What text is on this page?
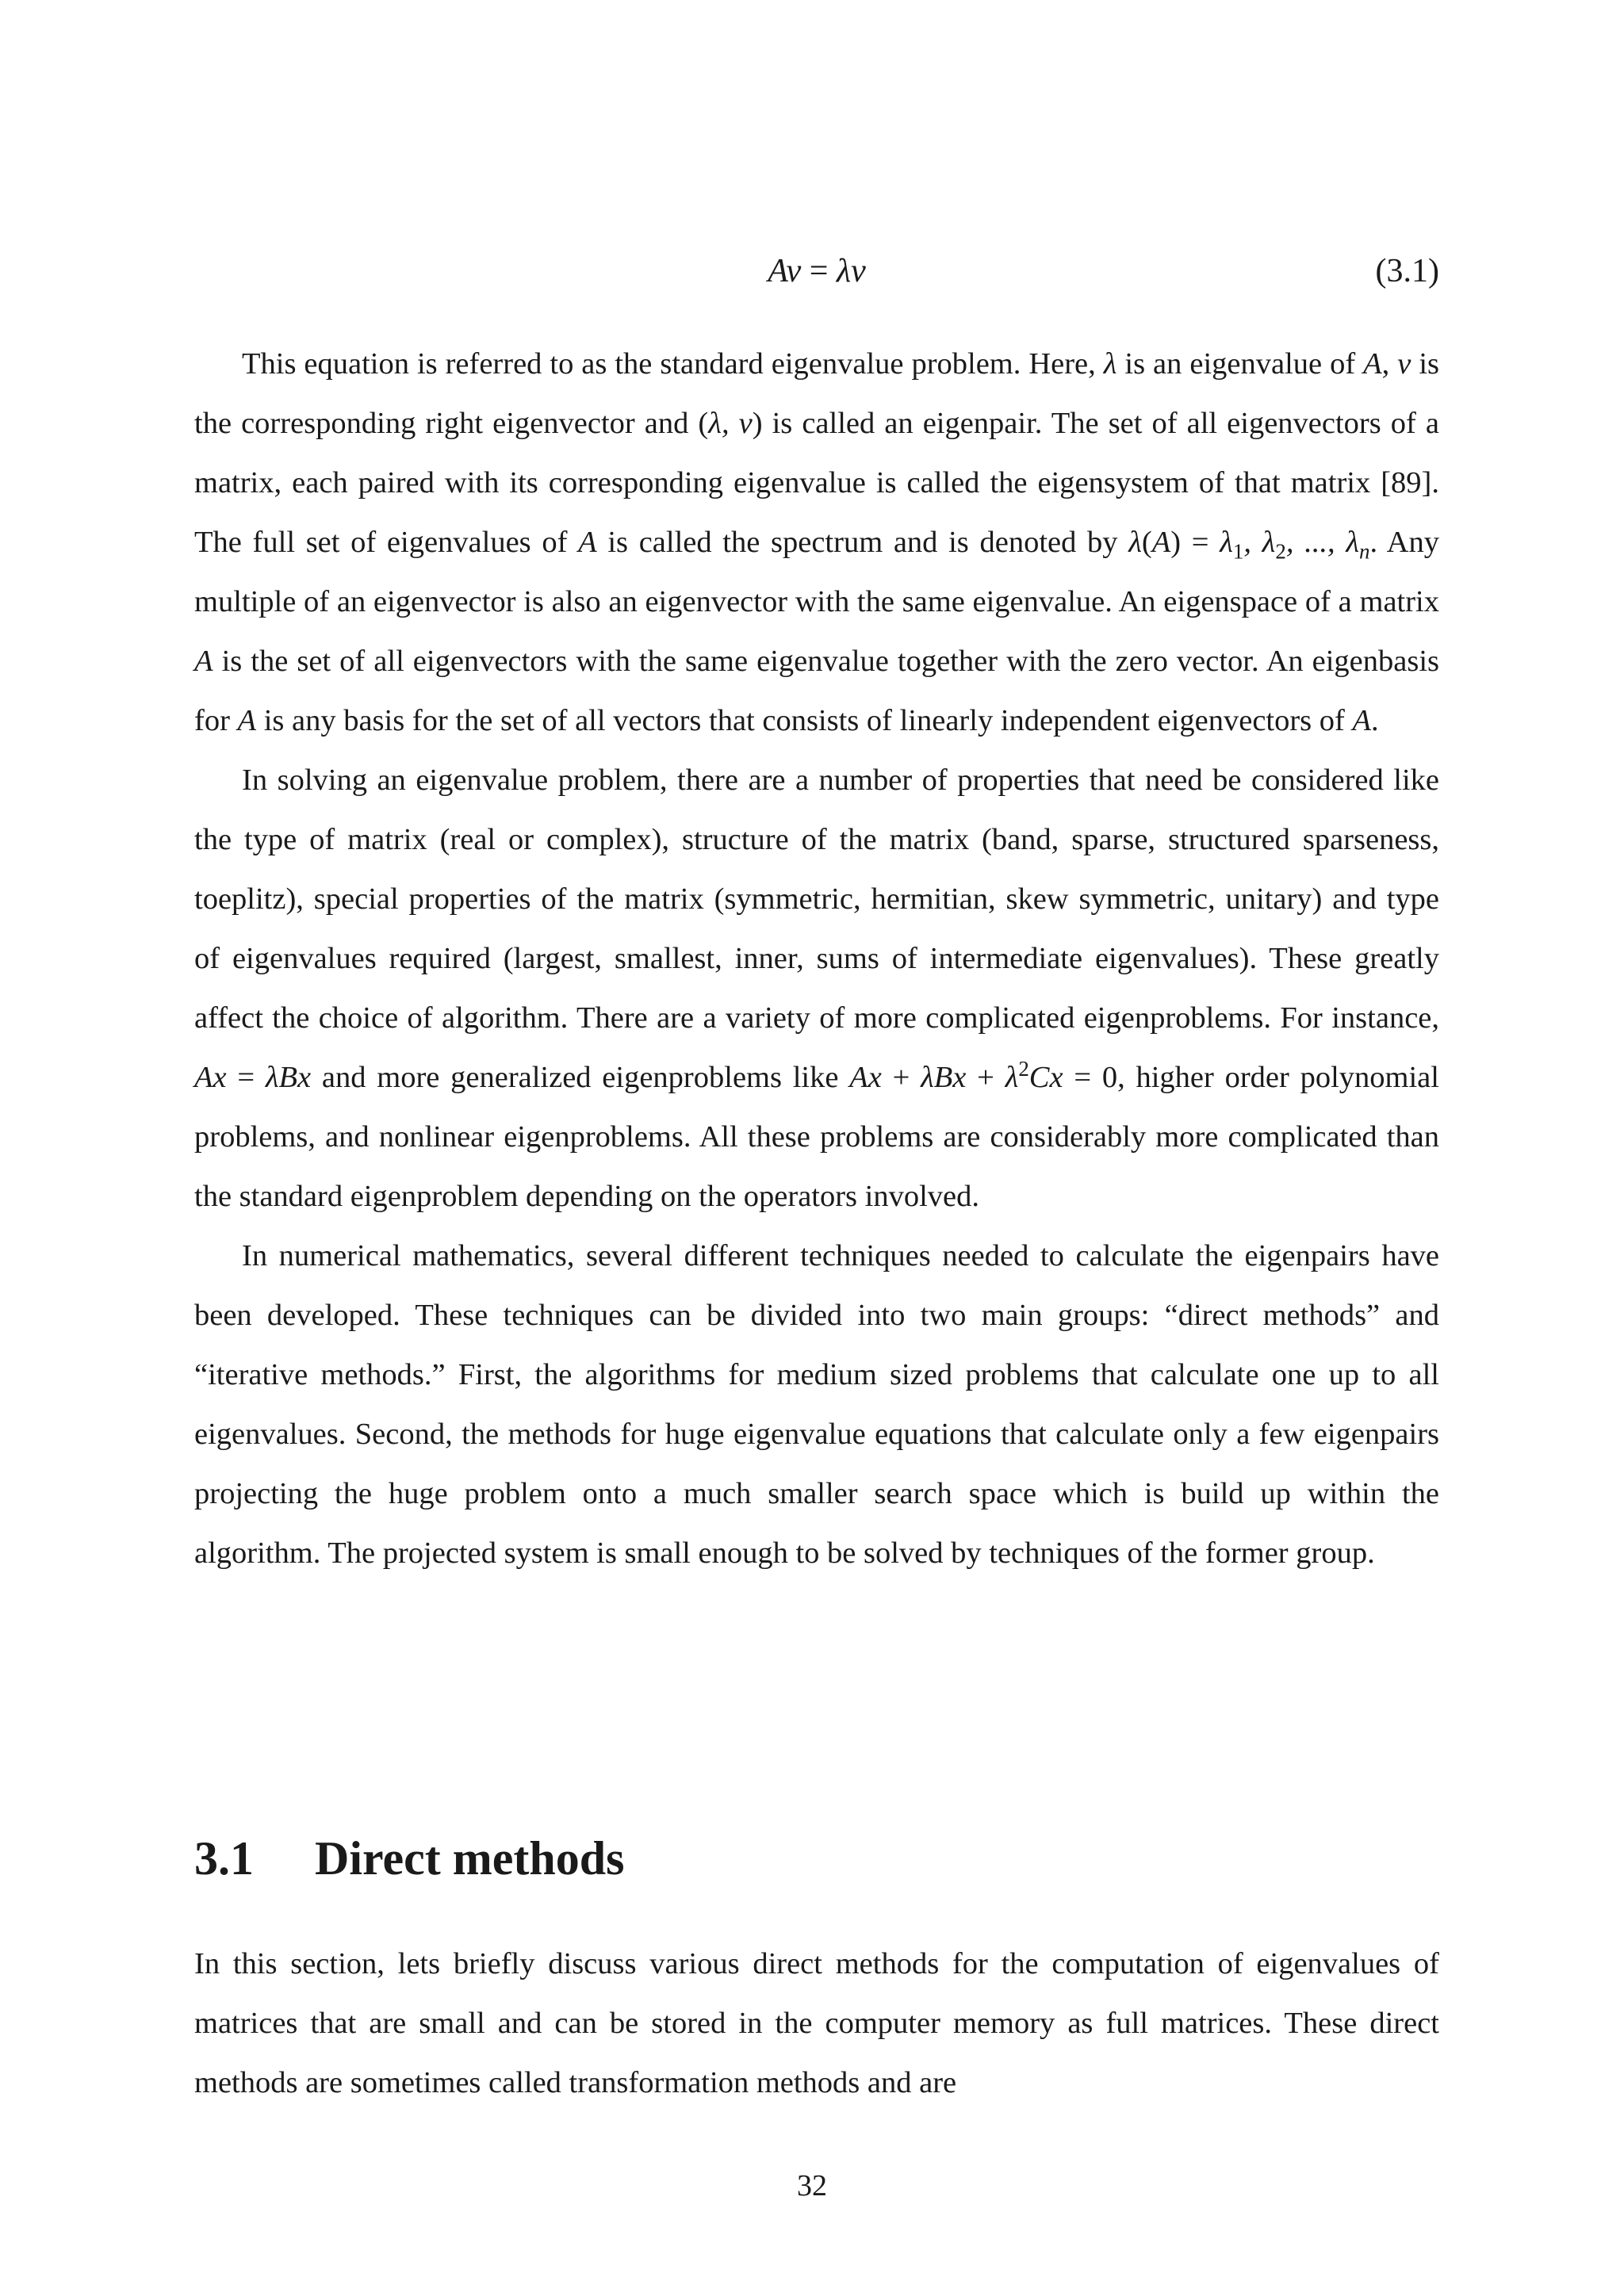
Av = λv	(3.1)

This equation is referred to as the standard eigenvalue problem. Here, λ is an eigenvalue of A, v is the corresponding right eigenvector and (λ, v) is called an eigenpair. The set of all eigenvectors of a matrix, each paired with its corresponding eigenvalue is called the eigensystem of that matrix [89]. The full set of eigenvalues of A is called the spectrum and is denoted by $\lambda(A) = \lambda_1$, $\lambda_2$, ..., $\lambda_n$. Any multiple of an eigenvector is also an eigenvector with the same eigenvalue. An eigenspace of a matrix A is the set of all eigenvectors with the same eigenvalue together with the zero vector. An eigenbasis for A is any basis for the set of all vectors that consists of linearly independent eigenvectors of A.

In solving an eigenvalue problem, there are a number of properties that need be considered like the type of matrix (real or complex), structure of the matrix (band, sparse, structured sparseness, toeplitz), special properties of the matrix (symmetric, hermitian, skew symmetric, unitary) and type of eigenvalues required (largest, smallest, inner, sums of intermediate eigenvalues). These greatly affect the choice of algorithm. There are a variety of more complicated eigenproblems. For instance, Ax = λBx and more generalized eigenproblems like $Ax + \lambda Bx + \lambda^2Cx = 0$, higher order polynomial problems, and nonlinear eigenproblems. All these problems are considerably more complicated than the standard eigenproblem depending on the operators involved.

In numerical mathematics, several different techniques needed to calculate the eigenpairs have been developed. These techniques can be divided into two main groups: “direct methods” and “iterative methods.” First, the algorithms for medium sized problems that calculate one up to all eigenvalues. Second, the methods for huge eigenvalue equations that calculate only a few eigenpairs projecting the huge problem onto a much smaller search space which is build up within the algorithm. The projected system is small enough to be solved by techniques of the former group.

3.1 Direct methods

In this section, lets briefly discuss various direct methods for the computation of eigenvalues of matrices that are small and can be stored in the computer memory as full matrices. These direct methods are sometimes called transformation methods and are

32
